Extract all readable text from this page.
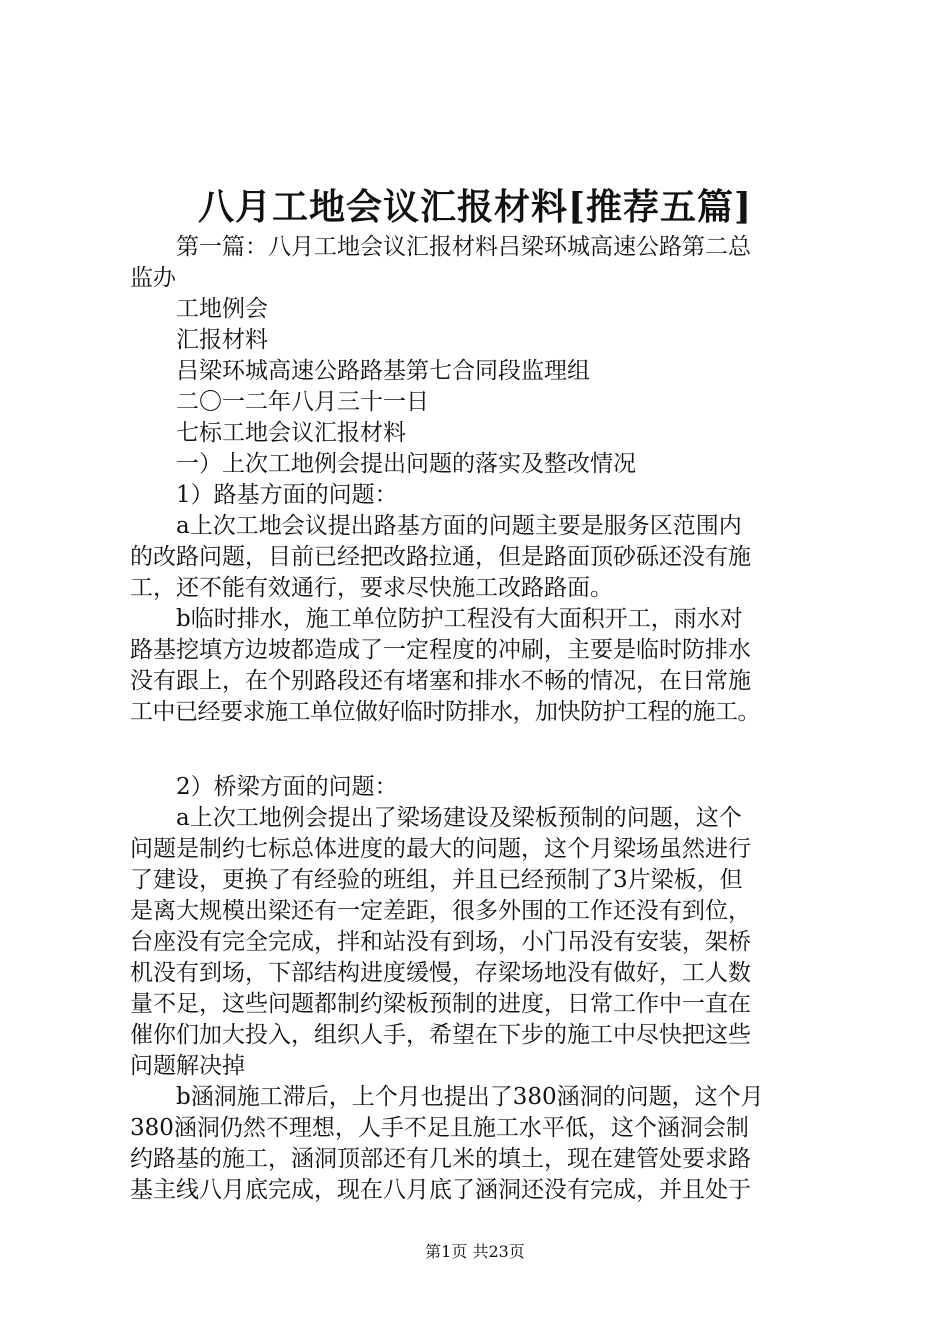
八月工地会议汇报材料[推荐五篇]
第一篇：八月工地会议汇报材料吕梁环城高速公路第二总
监办
工地例会
汇报材料
吕梁环城高速公路路基第七合同段监理组
二〇一二年八月三十一日
七标工地会议汇报材料
一）上次工地例会提出问题的落实及整改情况
1）路基方面的问题：
a上次工地会议提出路基方面的问题主要是服务区范围内
的改路问题，目前已经把改路拉通，但是路面顶砂砾还没有施
工，还不能有效通行，要求尽快施工改路路面。
b临时排水，施工单位防护工程没有大面积开工，雨水对
路基挖填方边坡都造成了一定程度的冲刷，主要是临时防排水
没有跟上，在个别路段还有堵塞和排水不畅的情况，在日常施
工中已经要求施工单位做好临时防排水，加快防护工程的施工。
2）桥梁方面的问题：
a上次工地例会提出了梁场建设及梁板预制的问题，这个
问题是制约七标总体进度的最大的问题，这个月梁场虽然进行
了建设，更换了有经验的班组，并且已经预制了3片梁板，但
是离大规模出梁还有一定差距，很多外围的工作还没有到位，
台座没有完全完成，拌和站没有到场，小门吊没有安装，架桥
机没有到场，下部结构进度缓慢，存梁场地没有做好，工人数
量不足，这些问题都制约梁板预制的进度，日常工作中一直在
催你们加大投入，组织人手，希望在下步的施工中尽快把这些
问题解决掉
b涵洞施工滞后，上个月也提出了380涵洞的问题，这个月
380涵洞仍然不理想，人手不足且施工水平低，这个涵洞会制
约路基的施工，涵洞顶部还有几米的填土，现在建管处要求路
基主线八月底完成，现在八月底了涵洞还没有完成，并且处于
第1页 共23页
